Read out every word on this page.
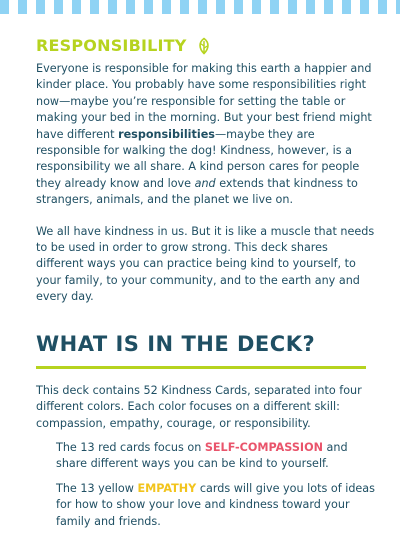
RESPONSIBILITY

Everyone is responsible for making this earth a happier and kinder place. You probably have some responsibilities right now—maybe you’re responsible for setting the table or making your bed in the morning. But your best friend might have different responsibilities—maybe they are responsible for walking the dog! Kindness, however, is a responsibility we all share. A kind person cares for people they already know and love and extends that kindness to strangers, animals, and the planet we live on.

We all have kindness in us. But it is like a muscle that needs to be used in order to grow strong. This deck shares different ways you can practice being kind to yourself, to your family, to your community, and to the earth any and every day.

WHAT IS IN THE DECK?

This deck contains 52 Kindness Cards, separated into four different colors. Each color focuses on a different skill: compassion, empathy, courage, or responsibility.

The 13 red cards focus on SELF-COMPASSION and share different ways you can be kind to yourself.

The 13 yellow EMPATHY cards will give you lots of ideas for how to show your love and kindness toward your family and friends.
